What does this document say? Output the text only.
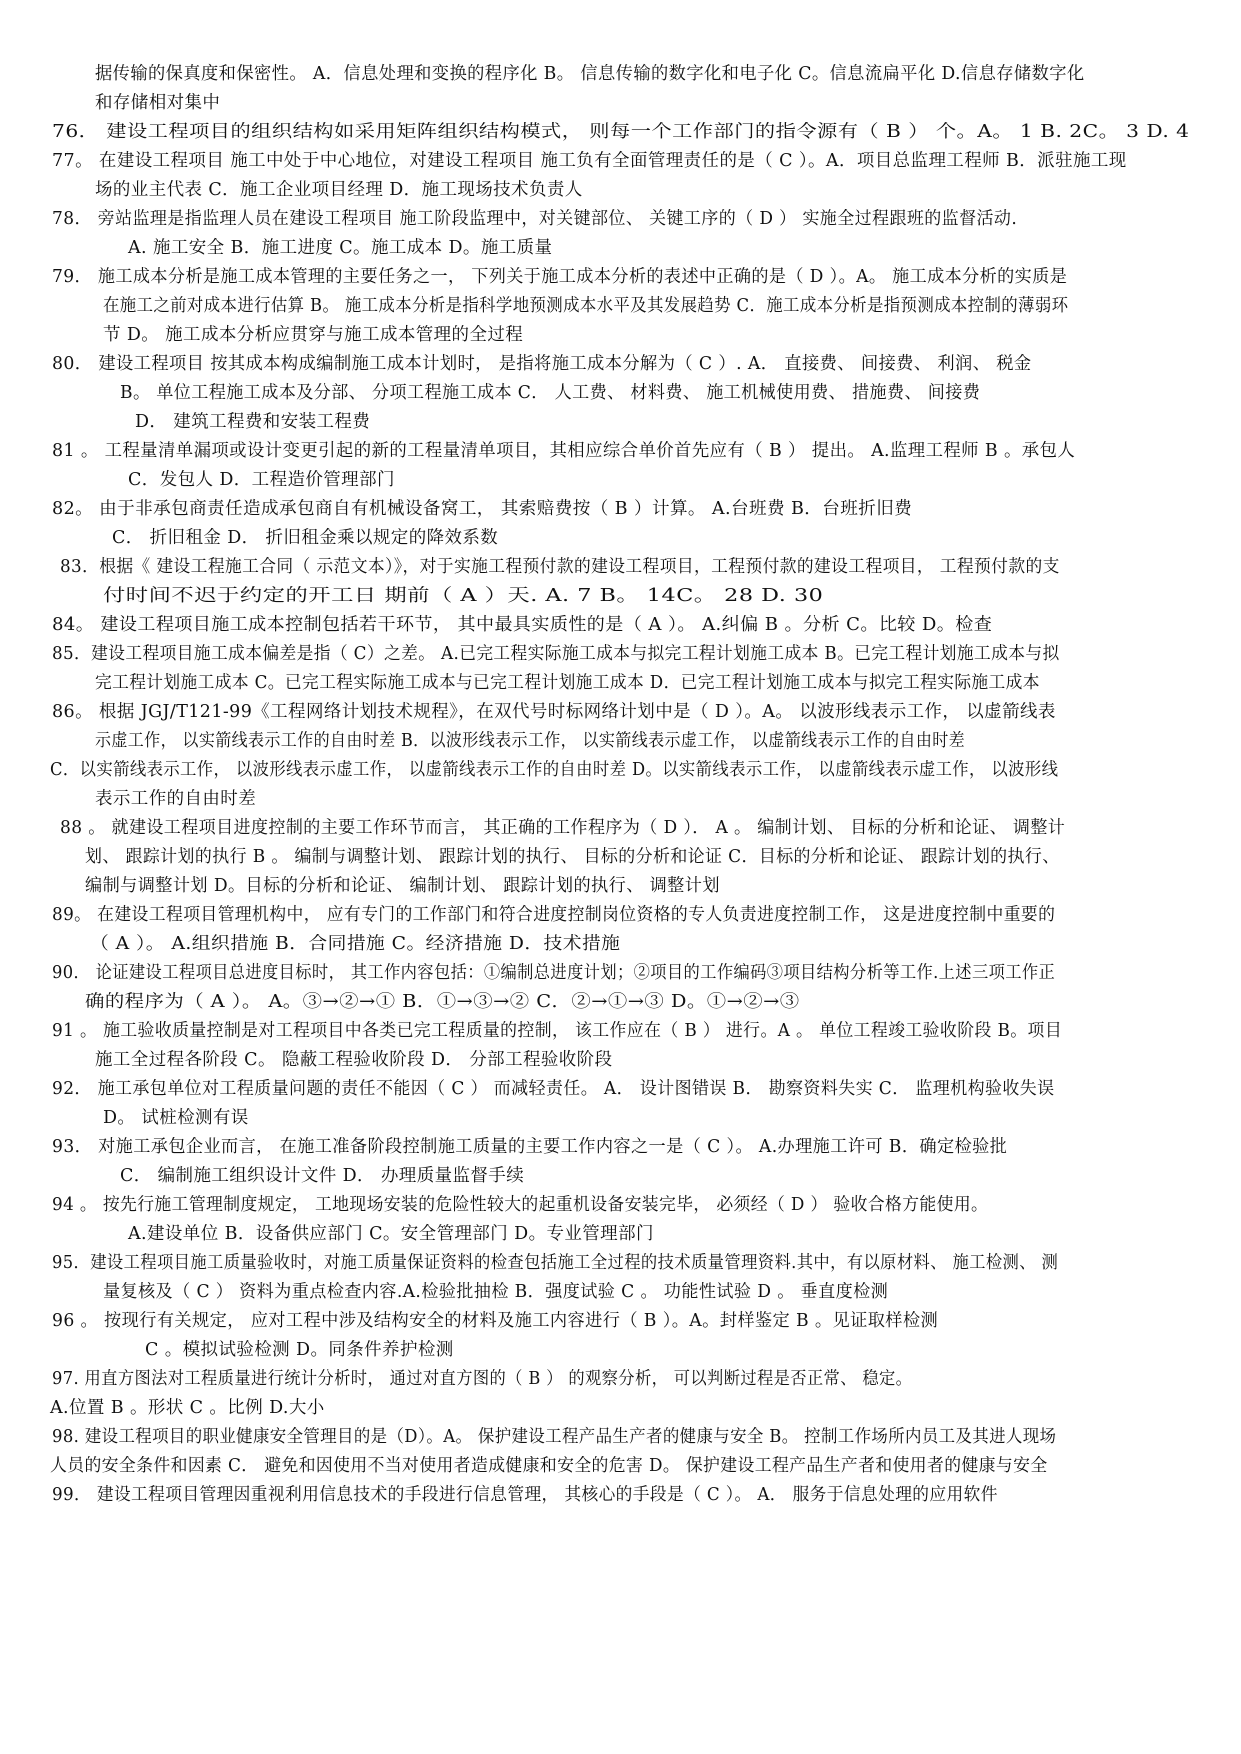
据传输的保真度和保密性。 A．信息处理和变换的程序化 B。 信息传输的数字化和电子化 C。信息流扁平化 D.信息存储数字化
和存储相对集中
76． 建设工程项目的组织结构如采用矩阵组织结构模式， 则每一个工作部门的指令源有（ B ） 个。A。 1 B. 2C。 3 D. 4
77。 在建设工程项目 施工中处于中心地位，对建设工程项目 施工负有全面管理责任的是（ C ）。A．项目总监理工程师 B．派驻施工现
场的业主代表 C．施工企业项目经理 D．施工现场技术负责人
78． 旁站监理是指监理人员在建设工程项目 施工阶段监理中，对关键部位、 关键工序的（ D ） 实施全过程跟班的监督活动.
A. 施工安全 B．施工进度 C。施工成本 D。施工质量
79． 施工成本分析是施工成本管理的主要任务之一， 下列关于施工成本分析的表述中正确的是（ D ）。A。 施工成本分析的实质是
在施工之前对成本进行估算 B。 施工成本分析是指科学地预测成本水平及其发展趋势 C．施工成本分析是指预测成本控制的薄弱环
节 D。 施工成本分析应贯穿与施工成本管理的全过程
80． 建设工程项目 按其成本构成编制施工成本计划时， 是指将施工成本分解为（ C ）. A． 直接费、 间接费、 利润、 税金
B。 单位工程施工成本及分部、 分项工程施工成本 C． 人工费、 材料费、 施工机械使用费、 措施费、 间接费
D． 建筑工程费和安装工程费
81 。 工程量清单漏项或设计变更引起的新的工程量清单项目，其相应综合单价首先应有（ B ） 提出。 A.监理工程师 B 。承包人
C．发包人 D．工程造价管理部门
82。 由于非承包商责任造成承包商自有机械设备窝工， 其索赔费按（ B ）计算。 A.台班费 B．台班折旧费
C． 折旧租金 D． 折旧租金乘以规定的降效系数
83．根据《 建设工程施工合同（ 示范文本）》，对于实施工程预付款的建设工程项目，工程预付款的建设工程项目， 工程预付款的支
付时间不迟于约定的开工日 期前（ A ）天. A. 7 B。 14C。 28 D. 30
84。 建设工程项目施工成本控制包括若干环节， 其中最具实质性的是（ A ）。 A.纠偏 B 。分析 C。比较 D。检查
85．建设工程项目施工成本偏差是指（ C）之差。 A.已完工程实际施工成本与拟完工程计划施工成本 B。已完工程计划施工成本与拟
完工程计划施工成本 C。已完工程实际施工成本与已完工程计划施工成本 D．已完工程计划施工成本与拟完工程实际施工成本
86。 根据 JGJ/T121-99《工程网络计划技术规程》，在双代号时标网络计划中是（ D ）。A。 以波形线表示工作， 以虚箭线表
示虚工作， 以实箭线表示工作的自由时差 B．以波形线表示工作， 以实箭线表示虚工作， 以虚箭线表示工作的自由时差
C．以实箭线表示工作， 以波形线表示虚工作， 以虚箭线表示工作的自由时差 D。以实箭线表示工作， 以虚箭线表示虚工作， 以波形线
表示工作的自由时差
88 。 就建设工程项目进度控制的主要工作环节而言， 其正确的工作程序为（ D ）． A 。 编制计划、 目标的分析和论证、 调整计
划、 跟踪计划的执行 B 。 编制与调整计划、 跟踪计划的执行、 目标的分析和论证 C．目标的分析和论证、 跟踪计划的执行、
编制与调整计划 D。目标的分析和论证、 编制计划、 跟踪计划的执行、 调整计划
89。 在建设工程项目管理机构中， 应有专门的工作部门和符合进度控制岗位资格的专人负责进度控制工作， 这是进度控制中重要的
（ A ）。 A.组织措施 B．合同措施 C。经济措施 D．技术措施
90． 论证建设工程项目总进度目标时， 其工作内容包括：①编制总进度计划；②项目的工作编码③项目结构分析等工作.上述三项工作正
确的程序为（ A ）。 A。③→②→① B．①→③→② C．②→①→③ D。①→②→③
91 。 施工验收质量控制是对工程项目中各类已完工程质量的控制， 该工作应在（ B ） 进行。A 。 单位工程竣工验收阶段 B。项目
施工全过程各阶段 C。 隐蔽工程验收阶段 D． 分部工程验收阶段
92． 施工承包单位对工程质量问题的责任不能因（ C ） 而减轻责任。 A． 设计图错误 B． 勘察资料失实 C． 监理机构验收失误
D。 试桩检测有误
93． 对施工承包企业而言， 在施工准备阶段控制施工质量的主要工作内容之一是（ C ）。 A.办理施工许可 B．确定检验批
C． 编制施工组织设计文件 D． 办理质量监督手续
94 。 按先行施工管理制度规定， 工地现场安装的危险性较大的起重机设备安装完毕， 必须经（ D ） 验收合格方能使用。
A.建设单位 B．设备供应部门 C。安全管理部门 D。专业管理部门
95．建设工程项目施工质量验收时，对施工质量保证资料的检查包括施工全过程的技术质量管理资料.其中，有以原材料、 施工检测、 测
量复核及（ C ） 资料为重点检查内容.A.检验批抽检 B．强度试验 C 。 功能性试验 D 。 垂直度检测
96 。 按现行有关规定， 应对工程中涉及结构安全的材料及施工内容进行（ B ）。A。封样鉴定 B 。见证取样检测
C 。模拟试验检测 D。同条件养护检测
97. 用直方图法对工程质量进行统计分析时， 通过对直方图的（ B ） 的观察分析， 可以判断过程是否正常、 稳定。
A.位置 B 。形状 C 。比例 D.大小
98. 建设工程项目的职业健康安全管理目的是（D）。A。 保护建设工程产品生产者的健康与安全 B。 控制工作场所内员工及其进人现场
人员的安全条件和因素 C． 避免和因使用不当对使用者造成健康和安全的危害 D。 保护建设工程产品生产者和使用者的健康与安全
99． 建设工程项目管理因重视利用信息技术的手段进行信息管理， 其核心的手段是（ C ）。 A． 服务于信息处理的应用软件
